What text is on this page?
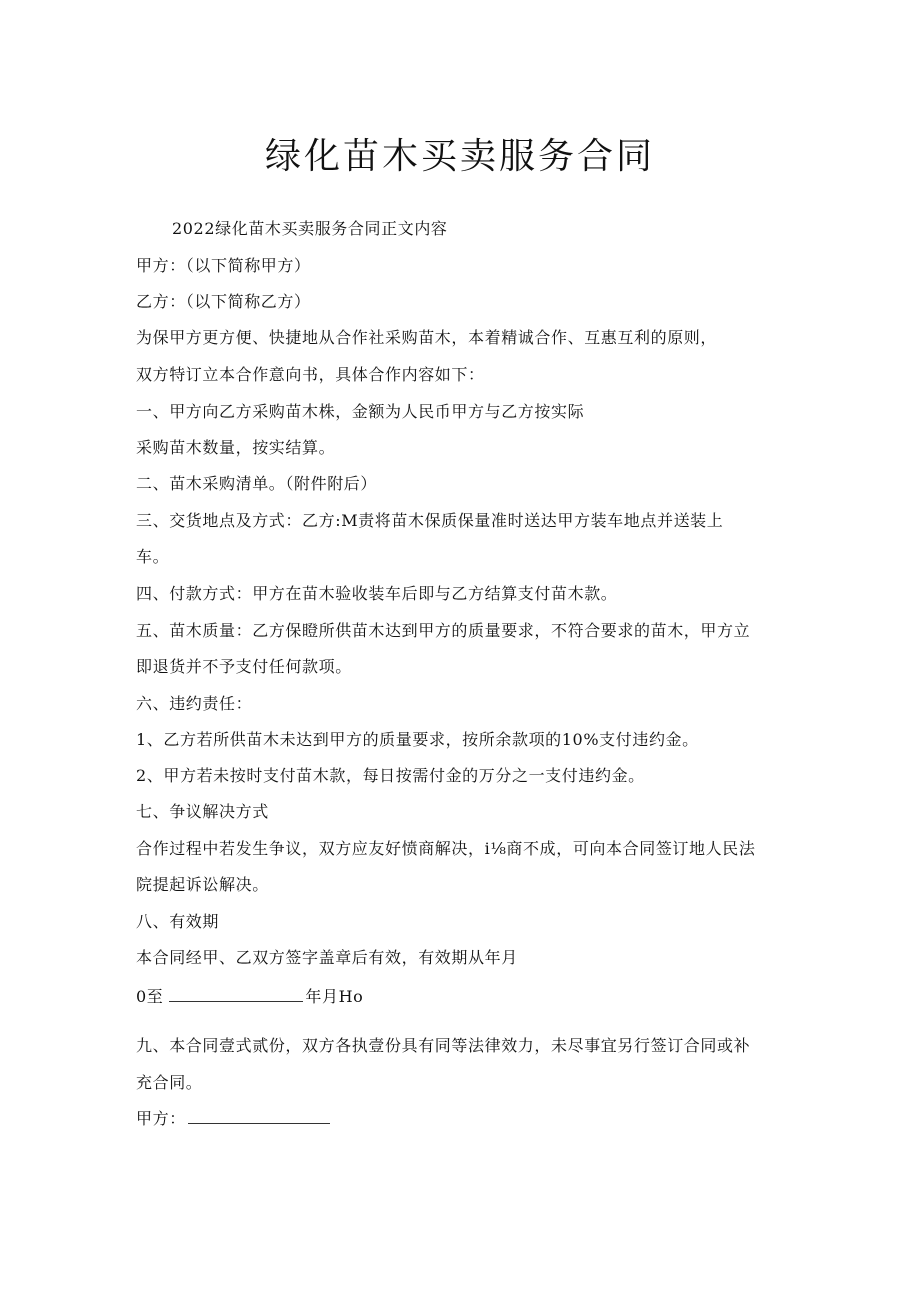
绿化苗木买卖服务合同

2022绿化苗木买卖服务合同正文内容

甲方：（以下简称甲方）

乙方：（以下简称乙方）

为保甲方更方便、快捷地从合作社采购苗木，本着精诚合作、互惠互利的原则，

双方特订立本合作意向书，具体合作内容如下：

一、甲方向乙方采购苗木株，金额为人民币甲方与乙方按实际

采购苗木数量，按实结算。

二、苗木采购清单。（附件附后）

三、交货地点及方式：乙方:M责将苗木保质保量准时送达甲方装车地点并送装上

车。

四、付款方式：甲方在苗木验收装车后即与乙方结算支付苗木款。

五、苗木质量：乙方保瞪所供苗木达到甲方的质量要求，不符合要求的苗木，甲方立

即退货并不予支付任何款项。

六、违约责任：

1、乙方若所供苗木未达到甲方的质量要求，按所余款项的10%支付违约金。

2、甲方若未按时支付苗木款，每日按需付金的万分之一支付违约金。

七、争议解决方式

合作过程中若发生争议，双方应友好愤商解决，i⅛商不成，可向本合同签订地人民法

院提起诉讼解决。

八、有效期

本合同经甲、乙双方签字盖章后有效，有效期从年月

0至	年月Ho

九、本合同壹式贰份，双方各执壹份具有同等法律效力，未尽事宜另行签订合同或补

充合同。

甲方：
